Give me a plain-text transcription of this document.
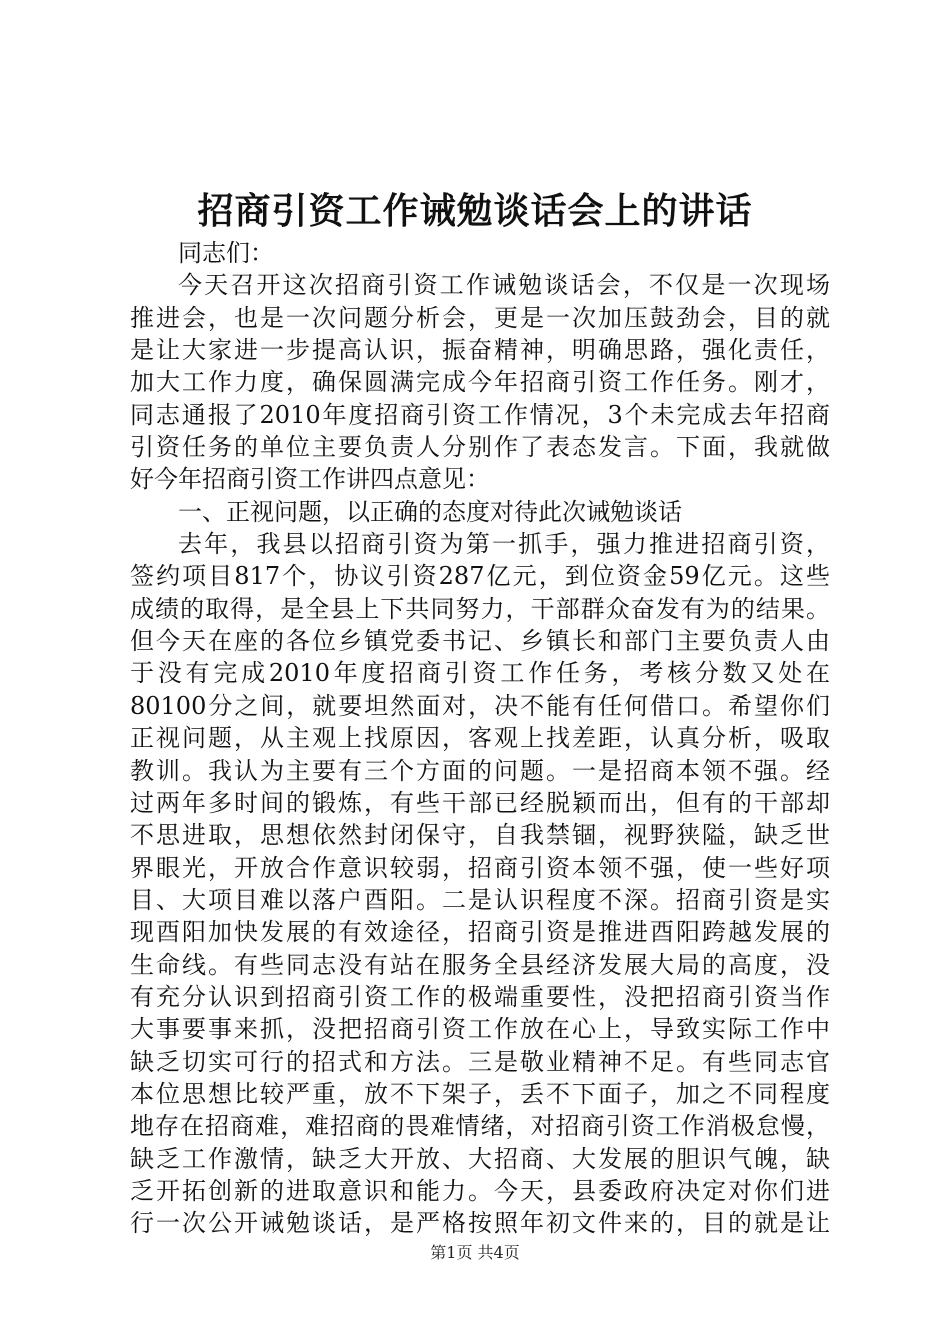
招商引资工作诫勉谈话会上的讲话
同志们：
今天召开这次招商引资工作诫勉谈话会，不仅是一次现场
推进会，也是一次问题分析会，更是一次加压鼓劲会，目的就
是让大家进一步提高认识，振奋精神，明确思路，强化责任，
加大工作力度，确保圆满完成今年招商引资工作任务。刚才，
同志通报了2010年度招商引资工作情况，3个未完成去年招商
引资任务的单位主要负责人分别作了表态发言。下面，我就做
好今年招商引资工作讲四点意见：
一、正视问题，以正确的态度对待此次诫勉谈话
去年，我县以招商引资为第一抓手，强力推进招商引资，
签约项目817个，协议引资287亿元，到位资金59亿元。这些
成绩的取得，是全县上下共同努力，干部群众奋发有为的结果。
但今天在座的各位乡镇党委书记、乡镇长和部门主要负责人由
于没有完成2010年度招商引资工作任务，考核分数又处在
80100分之间，就要坦然面对，决不能有任何借口。希望你们
正视问题，从主观上找原因，客观上找差距，认真分析，吸取
教训。我认为主要有三个方面的问题。一是招商本领不强。经
过两年多时间的锻炼，有些干部已经脱颖而出，但有的干部却
不思进取，思想依然封闭保守，自我禁锢，视野狭隘，缺乏世
界眼光，开放合作意识较弱，招商引资本领不强，使一些好项
目、大项目难以落户酉阳。二是认识程度不深。招商引资是实
现酉阳加快发展的有效途径，招商引资是推进酉阳跨越发展的
生命线。有些同志没有站在服务全县经济发展大局的高度，没
有充分认识到招商引资工作的极端重要性，没把招商引资当作
大事要事来抓，没把招商引资工作放在心上，导致实际工作中
缺乏切实可行的招式和方法。三是敬业精神不足。有些同志官
本位思想比较严重，放不下架子，丢不下面子，加之不同程度
地存在招商难，难招商的畏难情绪，对招商引资工作消极怠慢，
缺乏工作激情，缺乏大开放、大招商、大发展的胆识气魄，缺
乏开拓创新的进取意识和能力。今天，县委政府决定对你们进
行一次公开诫勉谈话，是严格按照年初文件来的，目的就是让
第1页 共4页
